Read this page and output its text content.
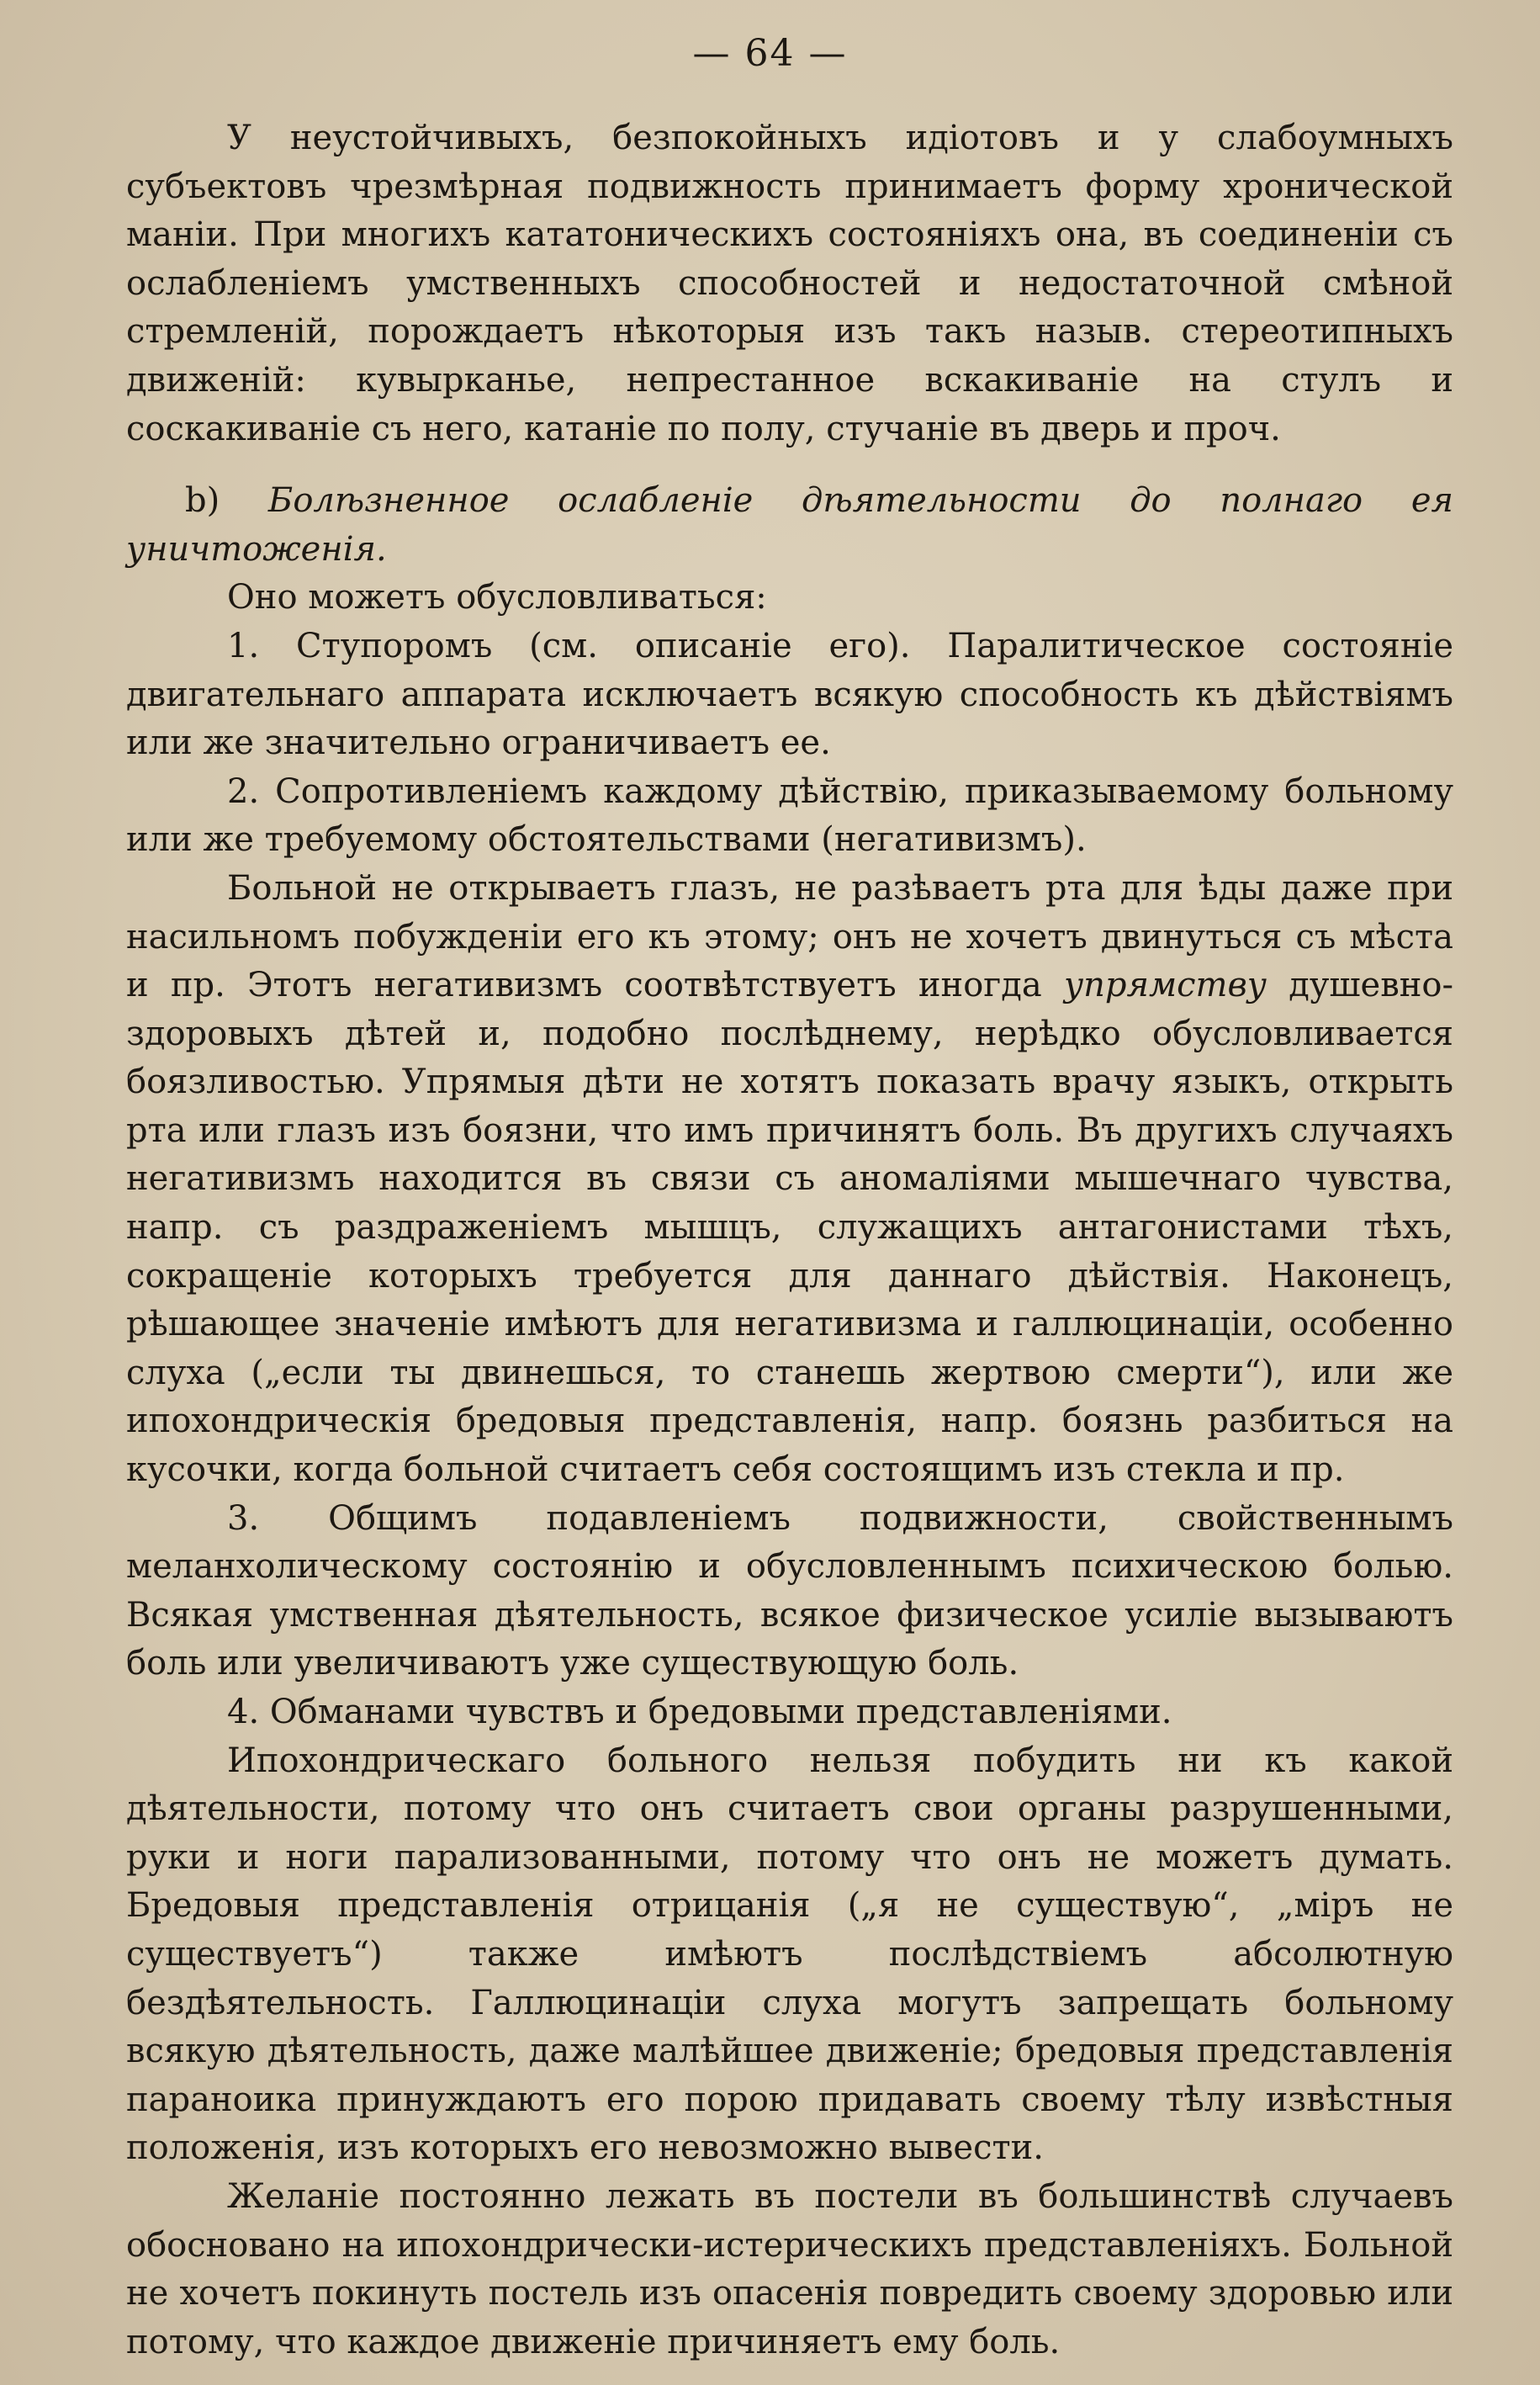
— 64 —

У неустойчивыхъ, безпокойныхъ идіотовъ и у слабоумныхъ субъектовъ чрезмѣрная подвижность принимаетъ форму хронической маніи. При многихъ кататоническихъ состояніяхъ она, въ соединеніи съ ослабленіемъ умственныхъ способностей и недостаточной смѣной стремленій, порождаетъ нѣкоторыя изъ такъ назыв. стереотипныхъ движеній: кувырканье, непрестанное вскакиваніе на стулъ и соскакиваніе съ него, катаніе по полу, стучаніе въ дверь и проч.

b) Болѣзненное ослабленіе дѣятельности до полнаго ея уничтоженія.

Оно можетъ обусловливаться:

1. Ступоромъ (см. описаніе его). Паралитическое состояніе двигательнаго аппарата исключаетъ всякую способность къ дѣйствіямъ или же значительно ограничиваетъ ее.

2. Сопротивленіемъ каждому дѣйствію, приказываемому больному или же требуемому обстоятельствами (негативизмъ).

Больной не открываетъ глазъ, не разѣваетъ рта для ѣды даже при насильномъ побужденіи его къ этому; онъ не хочетъ двинуться съ мѣста и пр. Этотъ негативизмъ соотвѣтствуетъ иногда упрямству душевно-здоровыхъ дѣтей и, подобно послѣднему, нерѣдко обусловливается боязливостью. Упрямыя дѣти не хотятъ показать врачу языкъ, открыть рта или глазъ изъ боязни, что имъ причинятъ боль. Въ другихъ случаяхъ негативизмъ находится въ связи съ аномаліями мышечнаго чувства, напр. съ раздраженіемъ мышцъ, служащихъ антагонистами тѣхъ, сокращеніе которыхъ требуется для даннаго дѣйствія. Наконецъ, рѣшающее значеніе имѣютъ для негативизма и галлюцинаціи, особенно слуха („если ты двинешься, то станешь жертвою смерти“), или же ипохондрическія бредовыя представленія, напр. боязнь разбиться на кусочки, когда больной считаетъ себя состоящимъ изъ стекла и пр.

3. Общимъ подавленіемъ подвижности, свойственнымъ меланхолическому состоянію и обусловленнымъ психическою болью. Всякая умственная дѣятельность, всякое физическое усиліе вызываютъ боль или увеличиваютъ уже существующую боль.

4. Обманами чувствъ и бредовыми представленіями.

Ипохондрическаго больного нельзя побудить ни къ какой дѣятельности, потому что онъ считаетъ свои органы разрушенными, руки и ноги парализованными, потому что онъ не можетъ думать. Бредовыя представленія отрицанія („я не существую“, „міръ не существуетъ“) также имѣютъ послѣдствіемъ абсолютную бездѣятельность. Галлюцинаціи слуха могутъ запрещать больному всякую дѣятельность, даже малѣйшее движеніе; бредовыя представленія параноика принуждаютъ его порою придавать своему тѣлу извѣстныя положенія, изъ которыхъ его невозможно вывести.

Желаніе постоянно лежать въ постели въ большинствѣ случаевъ обосновано на ипохондрически-истерическихъ представленіяхъ. Больной не хочетъ покинуть постель изъ опасенія повредить своему здоровью или потому, что каждое движеніе причиняетъ ему боль.
